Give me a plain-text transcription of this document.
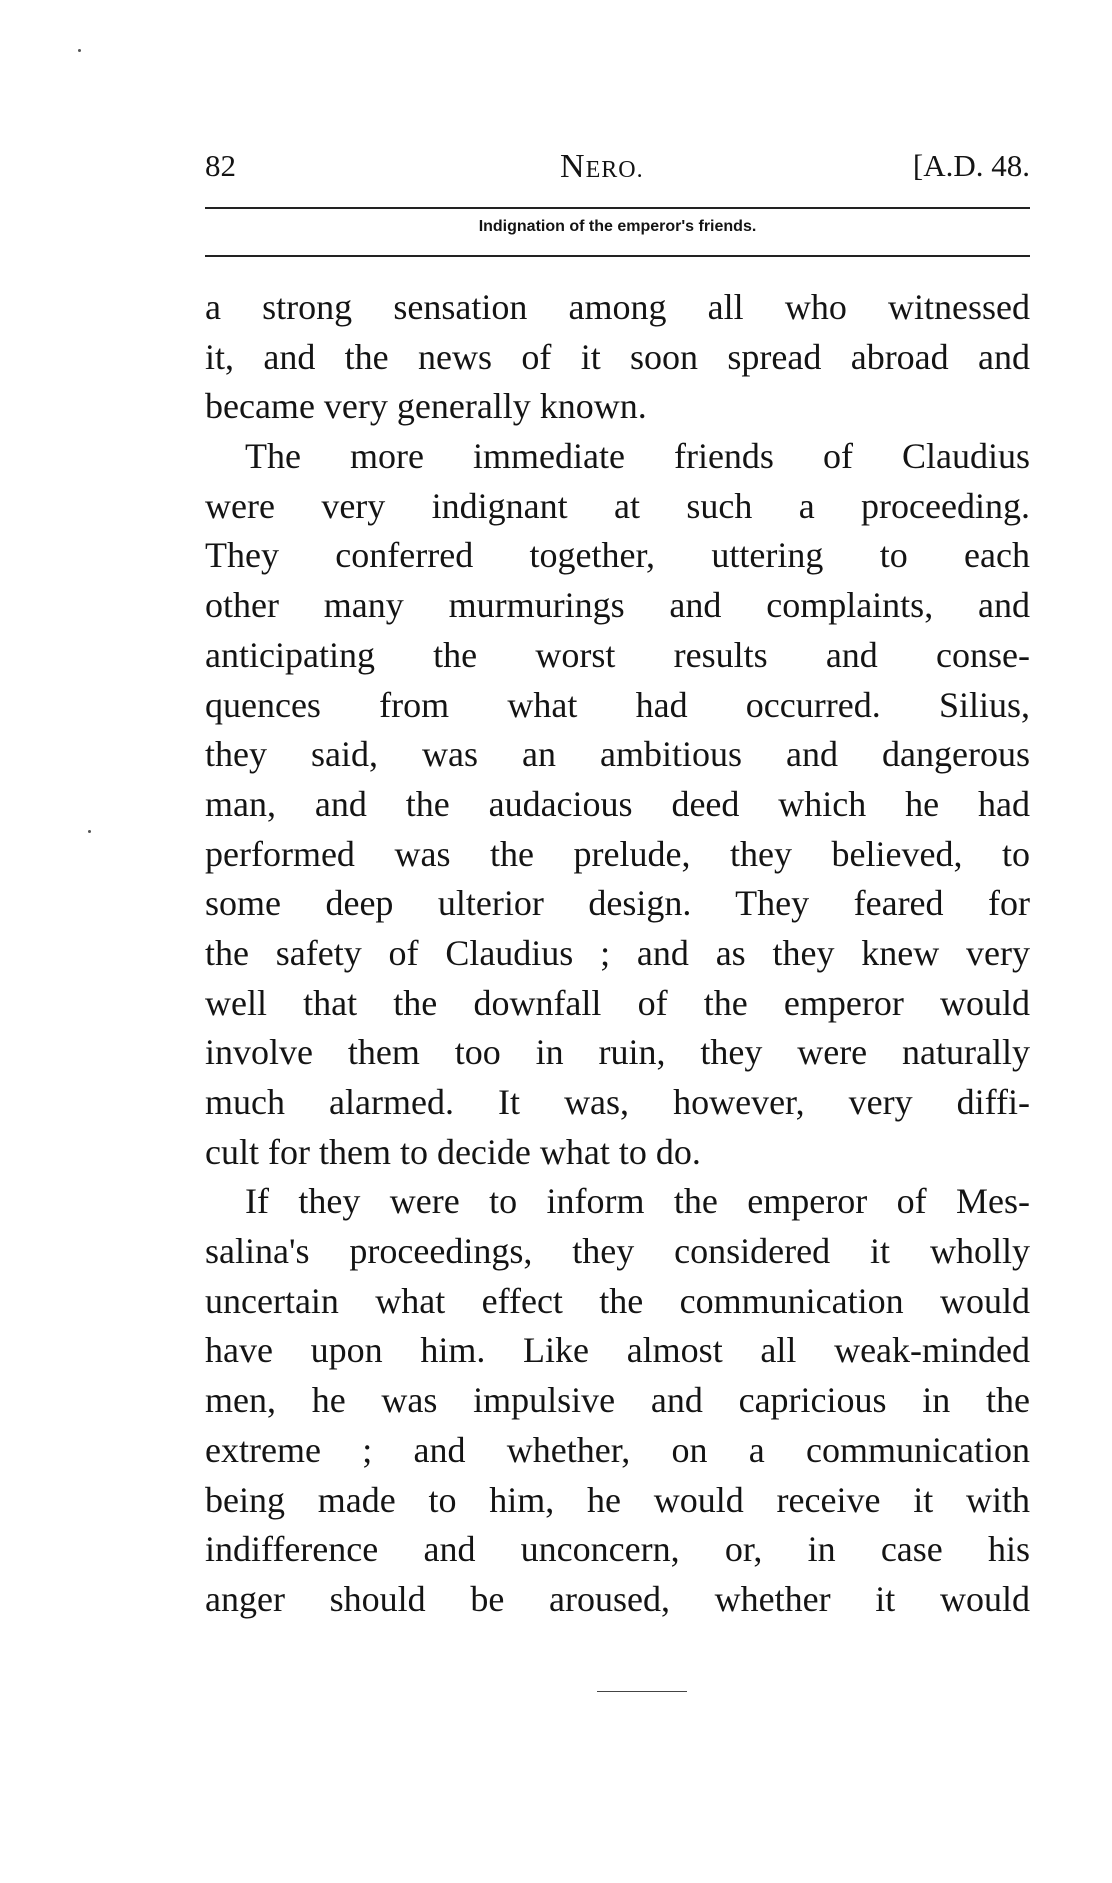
82	NERO.	[A.D. 48.
Indignation of the emperor's friends.
a strong sensation among all who witnessed
it, and the news of it soon spread abroad and
became very generally known.
The more immediate friends of Claudius
were very indignant at such a proceeding.
They conferred together, uttering to each
other many murmurings and complaints, and
anticipating the worst results and conse-
quences from what had occurred. Silius,
they said, was an ambitious and dangerous
man, and the audacious deed which he had
performed was the prelude, they believed, to
some deep ulterior design. They feared for
the safety of Claudius ; and as they knew very
well that the downfall of the emperor would
involve them too in ruin, they were naturally
much alarmed. It was, however, very diffi-
cult for them to decide what to do.
If they were to inform the emperor of Mes-
salina's proceedings, they considered it wholly
uncertain what effect the communication would
have upon him. Like almost all weak-minded
men, he was impulsive and capricious in the
extreme ; and whether, on a communication
being made to him, he would receive it with
indifference and unconcern, or, in case his
anger should be aroused, whether it would
